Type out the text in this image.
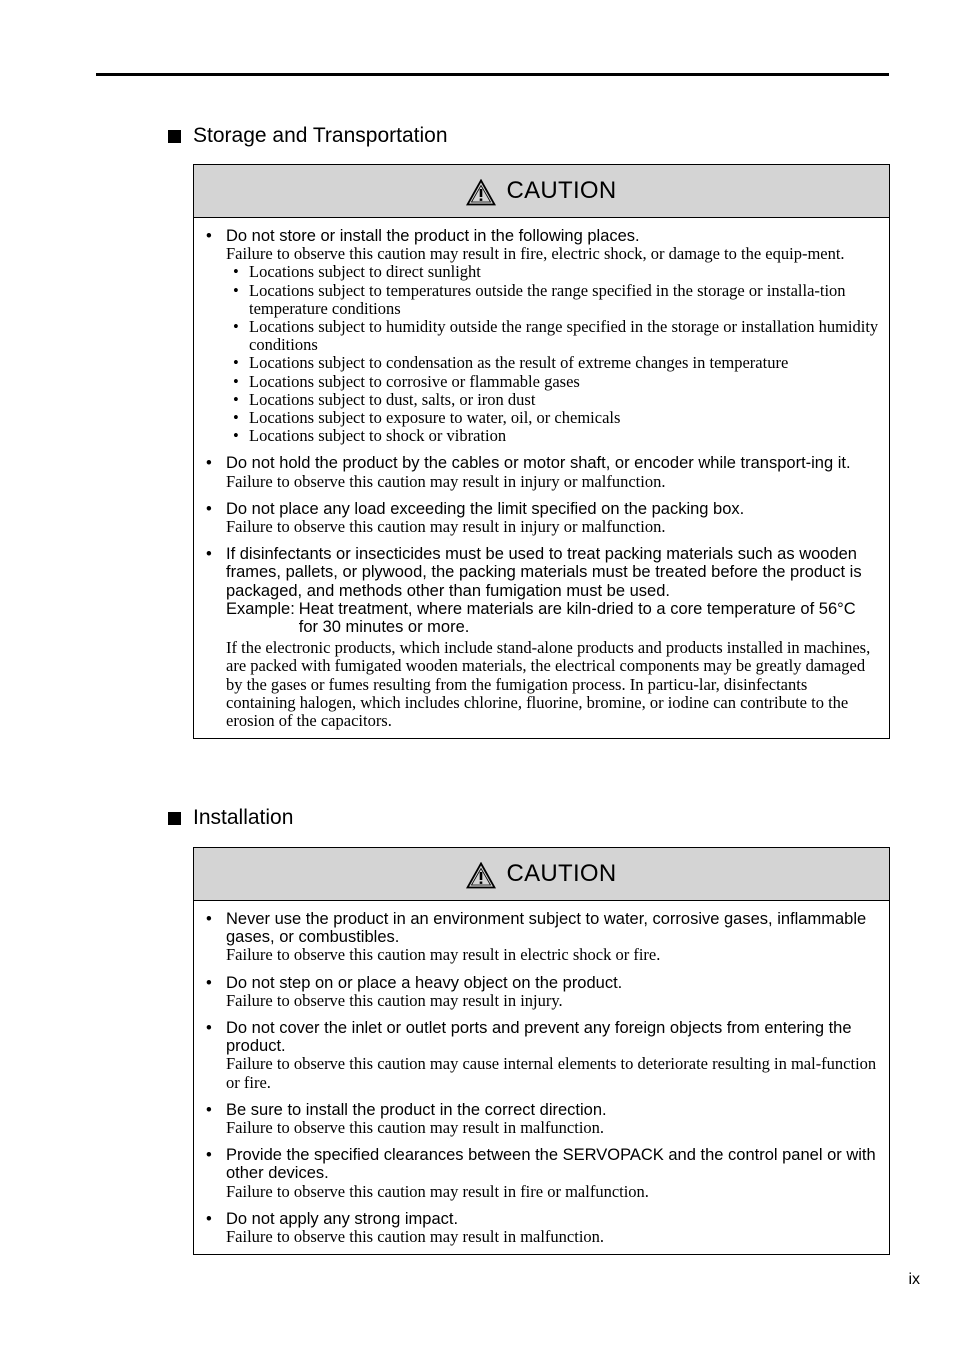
Storage and Transportation
CAUTION
• Do not store or install the product in the following places.
Failure to observe this caution may result in fire, electric shock, or damage to the equip-ment.
• Locations subject to direct sunlight
• Locations subject to temperatures outside the range specified in the storage or installa-tion temperature conditions
• Locations subject to humidity outside the range specified in the storage or installation humidity conditions
• Locations subject to condensation as the result of extreme changes in temperature
• Locations subject to corrosive or flammable gases
• Locations subject to dust, salts, or iron dust
• Locations subject to exposure to water, oil, or chemicals
• Locations subject to shock or vibration
• Do not hold the product by the cables or motor shaft, or encoder while transport-ing it.
Failure to observe this caution may result in injury or malfunction.
• Do not place any load exceeding the limit specified on the packing box.
Failure to observe this caution may result in injury or malfunction.
• If disinfectants or insecticides must be used to treat packing materials such as wooden frames, pallets, or plywood, the packing materials must be treated before the product is packaged, and methods other than fumigation must be used.
Example: Heat treatment, where materials are kiln-dried to a core temperature of 56°C for 30 minutes or more.
If the electronic products, which include stand-alone products and products installed in machines, are packed with fumigated wooden materials, the electrical components may be greatly damaged by the gases or fumes resulting from the fumigation process. In particu-lar, disinfectants containing halogen, which includes chlorine, fluorine, bromine, or iodine can contribute to the erosion of the capacitors.
Installation
CAUTION
• Never use the product in an environment subject to water, corrosive gases, inflammable gases, or combustibles.
Failure to observe this caution may result in electric shock or fire.
• Do not step on or place a heavy object on the product.
Failure to observe this caution may result in injury.
• Do not cover the inlet or outlet ports and prevent any foreign objects from entering the product.
Failure to observe this caution may cause internal elements to deteriorate resulting in mal-function or fire.
• Be sure to install the product in the correct direction.
Failure to observe this caution may result in malfunction.
• Provide the specified clearances between the SERVOPACK and the control panel or with other devices.
Failure to observe this caution may result in fire or malfunction.
• Do not apply any strong impact.
Failure to observe this caution may result in malfunction.
ix
